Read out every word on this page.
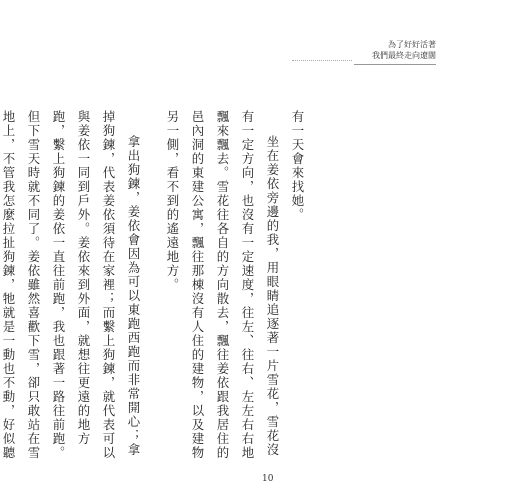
為了好好活著
我們最終走向遼闊

有一天會來找她。

坐在姜依旁邊的我，用眼睛追逐著一片雪花，雪花沒有一定方向，也沒有一定速度，往左、往右、左左右右地飄來飄去。雪花往各自的方向散去，飄往姜依跟我居住的邑內洞的東建公寓，飄往那棟沒有人住的建物，以及建物另一側，看不到的遙遠地方。

拿出狗鍊，姜依會因為可以東跑西跑而非常開心；拿掉狗鍊，代表姜依須待在家裡；而繫上狗鍊，就代表可以與姜依一同到戶外。姜依來到外面，就想往更遠的地方跑，繫上狗鍊的姜依一直往前跑，我也跟著一路往前跑。但下雪天時就不同了。姜依雖然喜歡下雪，卻只敢站在雪地上，不管我怎麼拉扯狗鍊，牠就是一動也不動，好似聽

10
